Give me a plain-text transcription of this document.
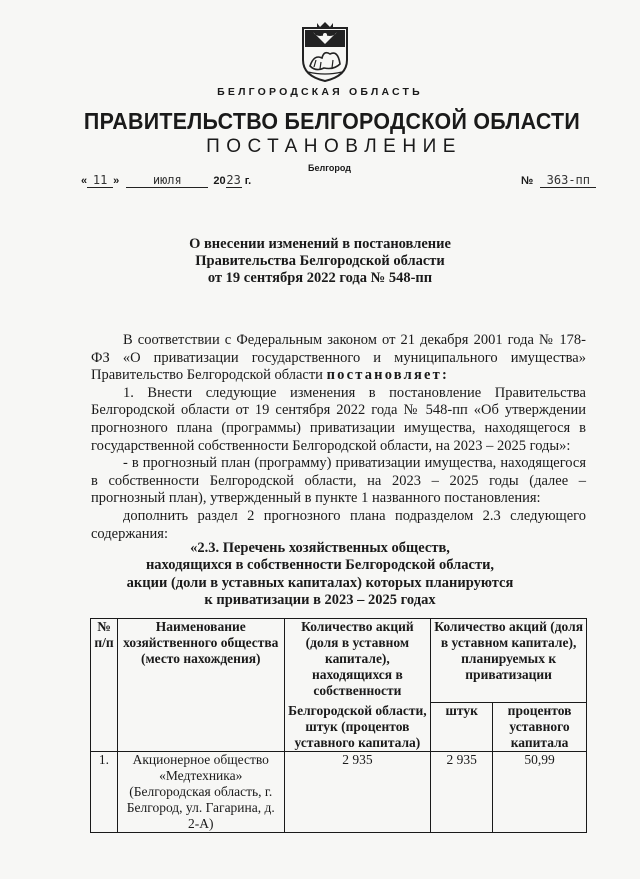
БЕЛГОРОДСКАЯ ОБЛАСТЬ
ПРАВИТЕЛЬСТВО БЕЛГОРОДСКОЙ ОБЛАСТИ
ПОСТАНОВЛЕНИЕ
Белгород
« 11 »	июля	2023 г.	№ 363-пп
О внесении изменений в постановление
Правительства Белгородской области
от 19 сентября 2022 года № 548-пп

В соответствии с Федеральным законом от 21 декабря 2001 года № 178-ФЗ «О приватизации государственного и муниципального имущества» Правительство Белгородской области постановляет:

1. Внести следующие изменения в постановление Правительства Белгородской области от 19 сентября 2022 года № 548-пп «Об утверждении прогнозного плана (программы) приватизации имущества, находящегося в государственной собственности Белгородской области, на 2023 – 2025 годы»:

- в прогнозный план (программу) приватизации имущества, находящегося в собственности Белгородской области, на 2023 – 2025 годы (далее – прогнозный план), утвержденный в пункте 1 названного постановления:

дополнить раздел 2 прогнозного плана подразделом 2.3 следующего содержания:

«2.3. Перечень хозяйственных обществ,
находящихся в собственности Белгородской области,
акции (доли в уставных капиталах) которых планируются
к приватизации в 2023 – 2025 годах
№ п/п	Наименование хозяйственного общества (место нахождения)	Количество акций (доля в уставном капитале), находящихся в собственности	Количество акций (доля в уставном капитале), планируемых к приватизации	
		Белгородской области, штук (процентов уставного капитала)	штук	процентов уставного капитала
1.	Акционерное общество «Медтехника» (Белгородская область, г. Белгород, ул. Гагарина, д. 2-А)	2 935	2 935	50,99
